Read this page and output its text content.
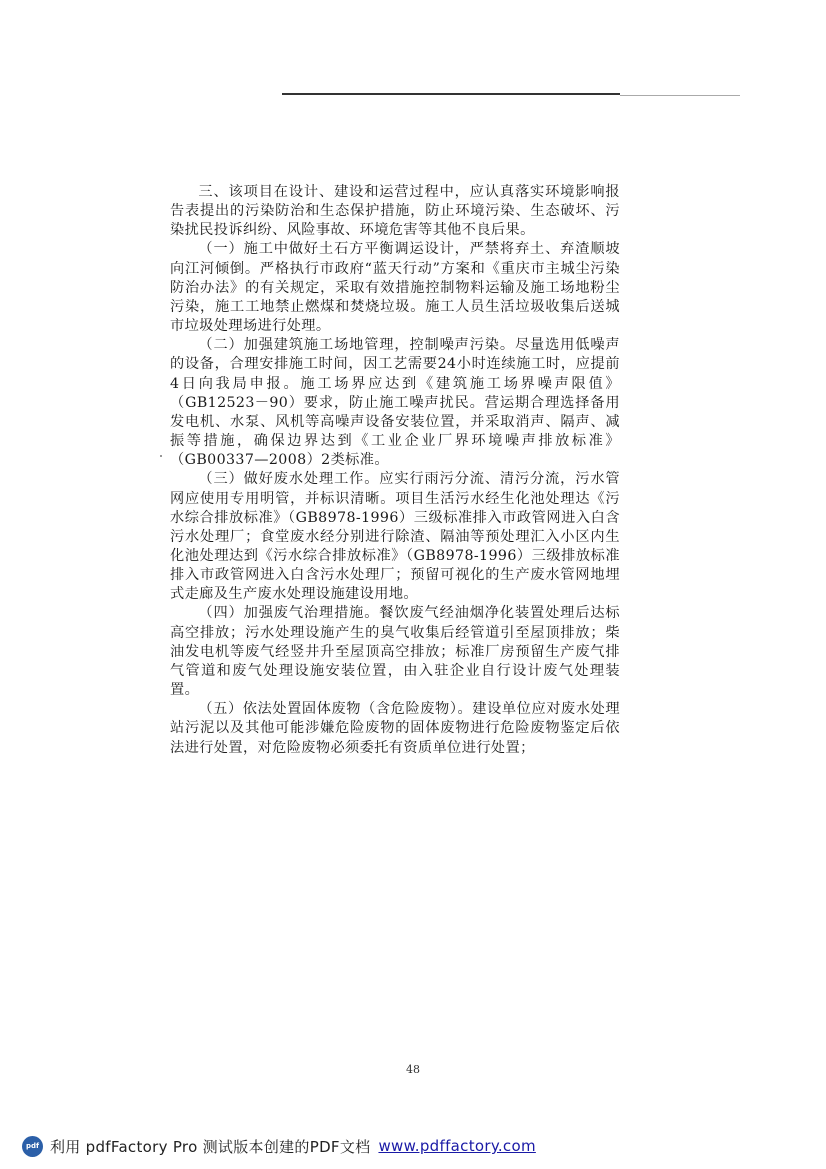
三、该项目在设计、建设和运营过程中，应认真落实环境影响报告表提出的污染防治和生态保护措施，防止环境污染、生态破坏、污染扰民投诉纠纷、风险事故、环境危害等其他不良后果。

（一）施工中做好土石方平衡调运设计，严禁将弃土、弃渣顺坡向江河倾倒。严格执行市政府“蓝天行动”方案和《重庆市主城尘污染防治办法》的有关规定，采取有效措施控制物料运输及施工场地粉尘污染，施工工地禁止燃煤和焚烧垃圾。施工人员生活垃圾收集后送城市垃圾处理场进行处理。

（二）加强建筑施工场地管理，控制噪声污染。尽量选用低噪声的设备，合理安排施工时间，因工艺需要24小时连续施工时，应提前4日向我局申报。施工场界应达到《建筑施工场界噪声限值》（GB12523－90）要求，防止施工噪声扰民。营运期合理选择备用发电机、水泵、风机等高噪声设备安装位置，并采取消声、隔声、减振等措施，确保边界达到《工业企业厂界环境噪声排放标准》（GB00337—2008）2类标准。

（三）做好废水处理工作。应实行雨污分流、清污分流，污水管网应使用专用明管，并标识清晰。项目生活污水经生化池处理达《污水综合排放标准》（GB8978-1996）三级标准排入市政管网进入白含污水处理厂；食堂废水经分别进行除渣、隔油等预处理汇入小区内生化池处理达到《污水综合排放标准》（GB8978-1996）三级排放标准排入市政管网进入白含污水处理厂；预留可视化的生产废水管网地埋式走廊及生产废水处理设施建设用地。

（四）加强废气治理措施。餐饮废气经油烟净化装置处理后达标高空排放；污水处理设施产生的臭气收集后经管道引至屋顶排放；柴油发电机等废气经竖井升至屋顶高空排放；标准厂房预留生产废气排气管道和废气处理设施安装位置，由入驻企业自行设计废气处理装置。

（五）依法处置固体废物（含危险废物）。建设单位应对废水处理站污泥以及其他可能涉嫌危险废物的固体废物进行危险废物鉴定后依法进行处置，对危险废物必须委托有资质单位进行处置；

48
pdf 利用 pdfFactory Pro 测试版本创建的PDF文档 www.pdffactory.com
